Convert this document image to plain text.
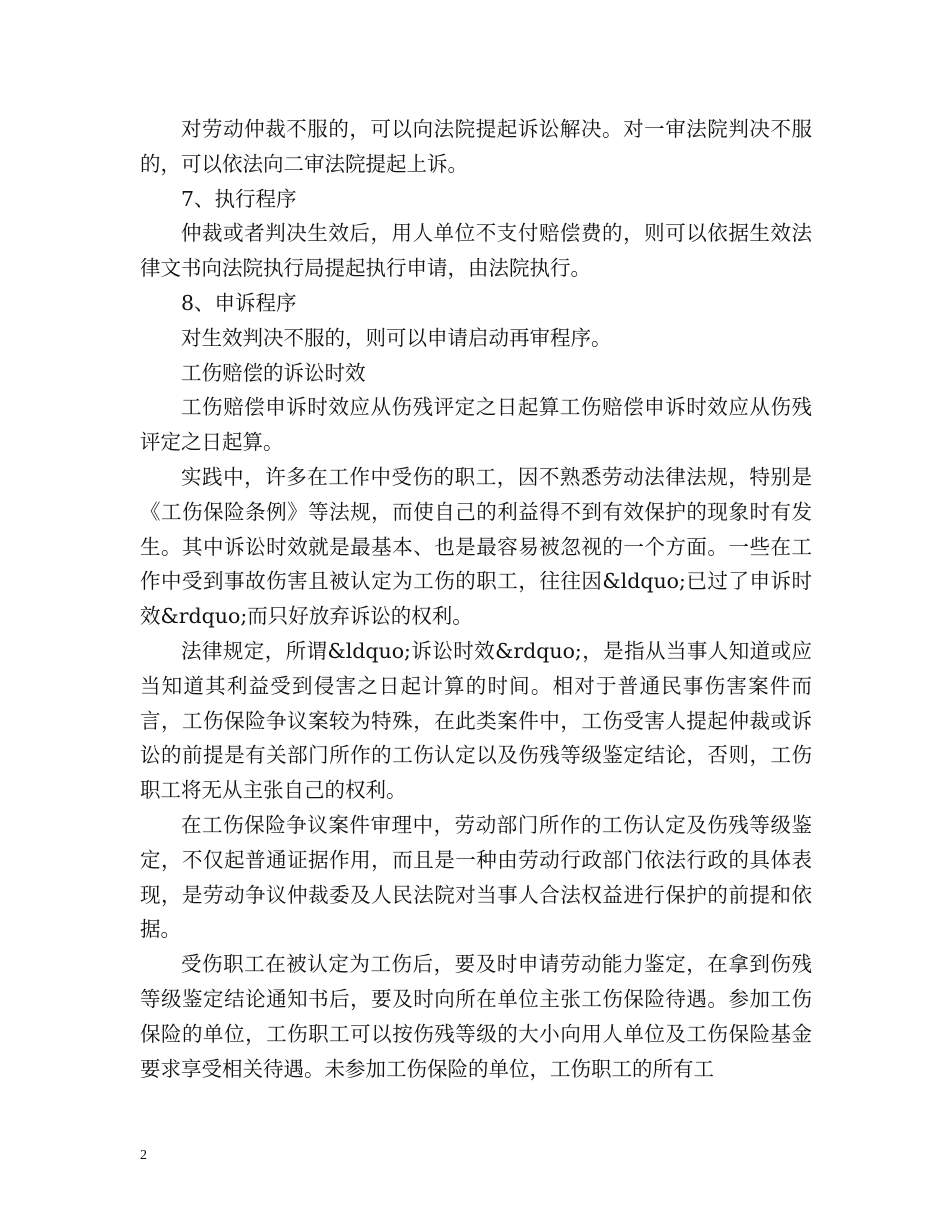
对劳动仲裁不服的，可以向法院提起诉讼解决。对一审法院判决不服的，可以依法向二审法院提起上诉。

7、执行程序

仲裁或者判决生效后，用人单位不支付赔偿费的，则可以依据生效法律文书向法院执行局提起执行申请，由法院执行。

8、申诉程序

对生效判决不服的，则可以申请启动再审程序。

工伤赔偿的诉讼时效

工伤赔偿申诉时效应从伤残评定之日起算工伤赔偿申诉时效应从伤残评定之日起算。

实践中，许多在工作中受伤的职工，因不熟悉劳动法律法规，特别是《工伤保险条例》等法规，而使自己的利益得不到有效保护的现象时有发生。其中诉讼时效就是最基本、也是最容易被忽视的一个方面。一些在工作中受到事故伤害且被认定为工伤的职工，往往因&ldquo;已过了申诉时效&rdquo;而只好放弃诉讼的权利。

法律规定，所谓&ldquo;诉讼时效&rdquo;，是指从当事人知道或应当知道其利益受到侵害之日起计算的时间。相对于普通民事伤害案件而言，工伤保险争议案较为特殊，在此类案件中，工伤受害人提起仲裁或诉讼的前提是有关部门所作的工伤认定以及伤残等级鉴定结论，否则，工伤职工将无从主张自己的权利。

在工伤保险争议案件审理中，劳动部门所作的工伤认定及伤残等级鉴定，不仅起普通证据作用，而且是一种由劳动行政部门依法行政的具体表现，是劳动争议仲裁委及人民法院对当事人合法权益进行保护的前提和依据。

受伤职工在被认定为工伤后，要及时申请劳动能力鉴定，在拿到伤残等级鉴定结论通知书后，要及时向所在单位主张工伤保险待遇。参加工伤保险的单位，工伤职工可以按伤残等级的大小向用人单位及工伤保险基金要求享受相关待遇。未参加工伤保险的单位，工伤职工的所有工

2
